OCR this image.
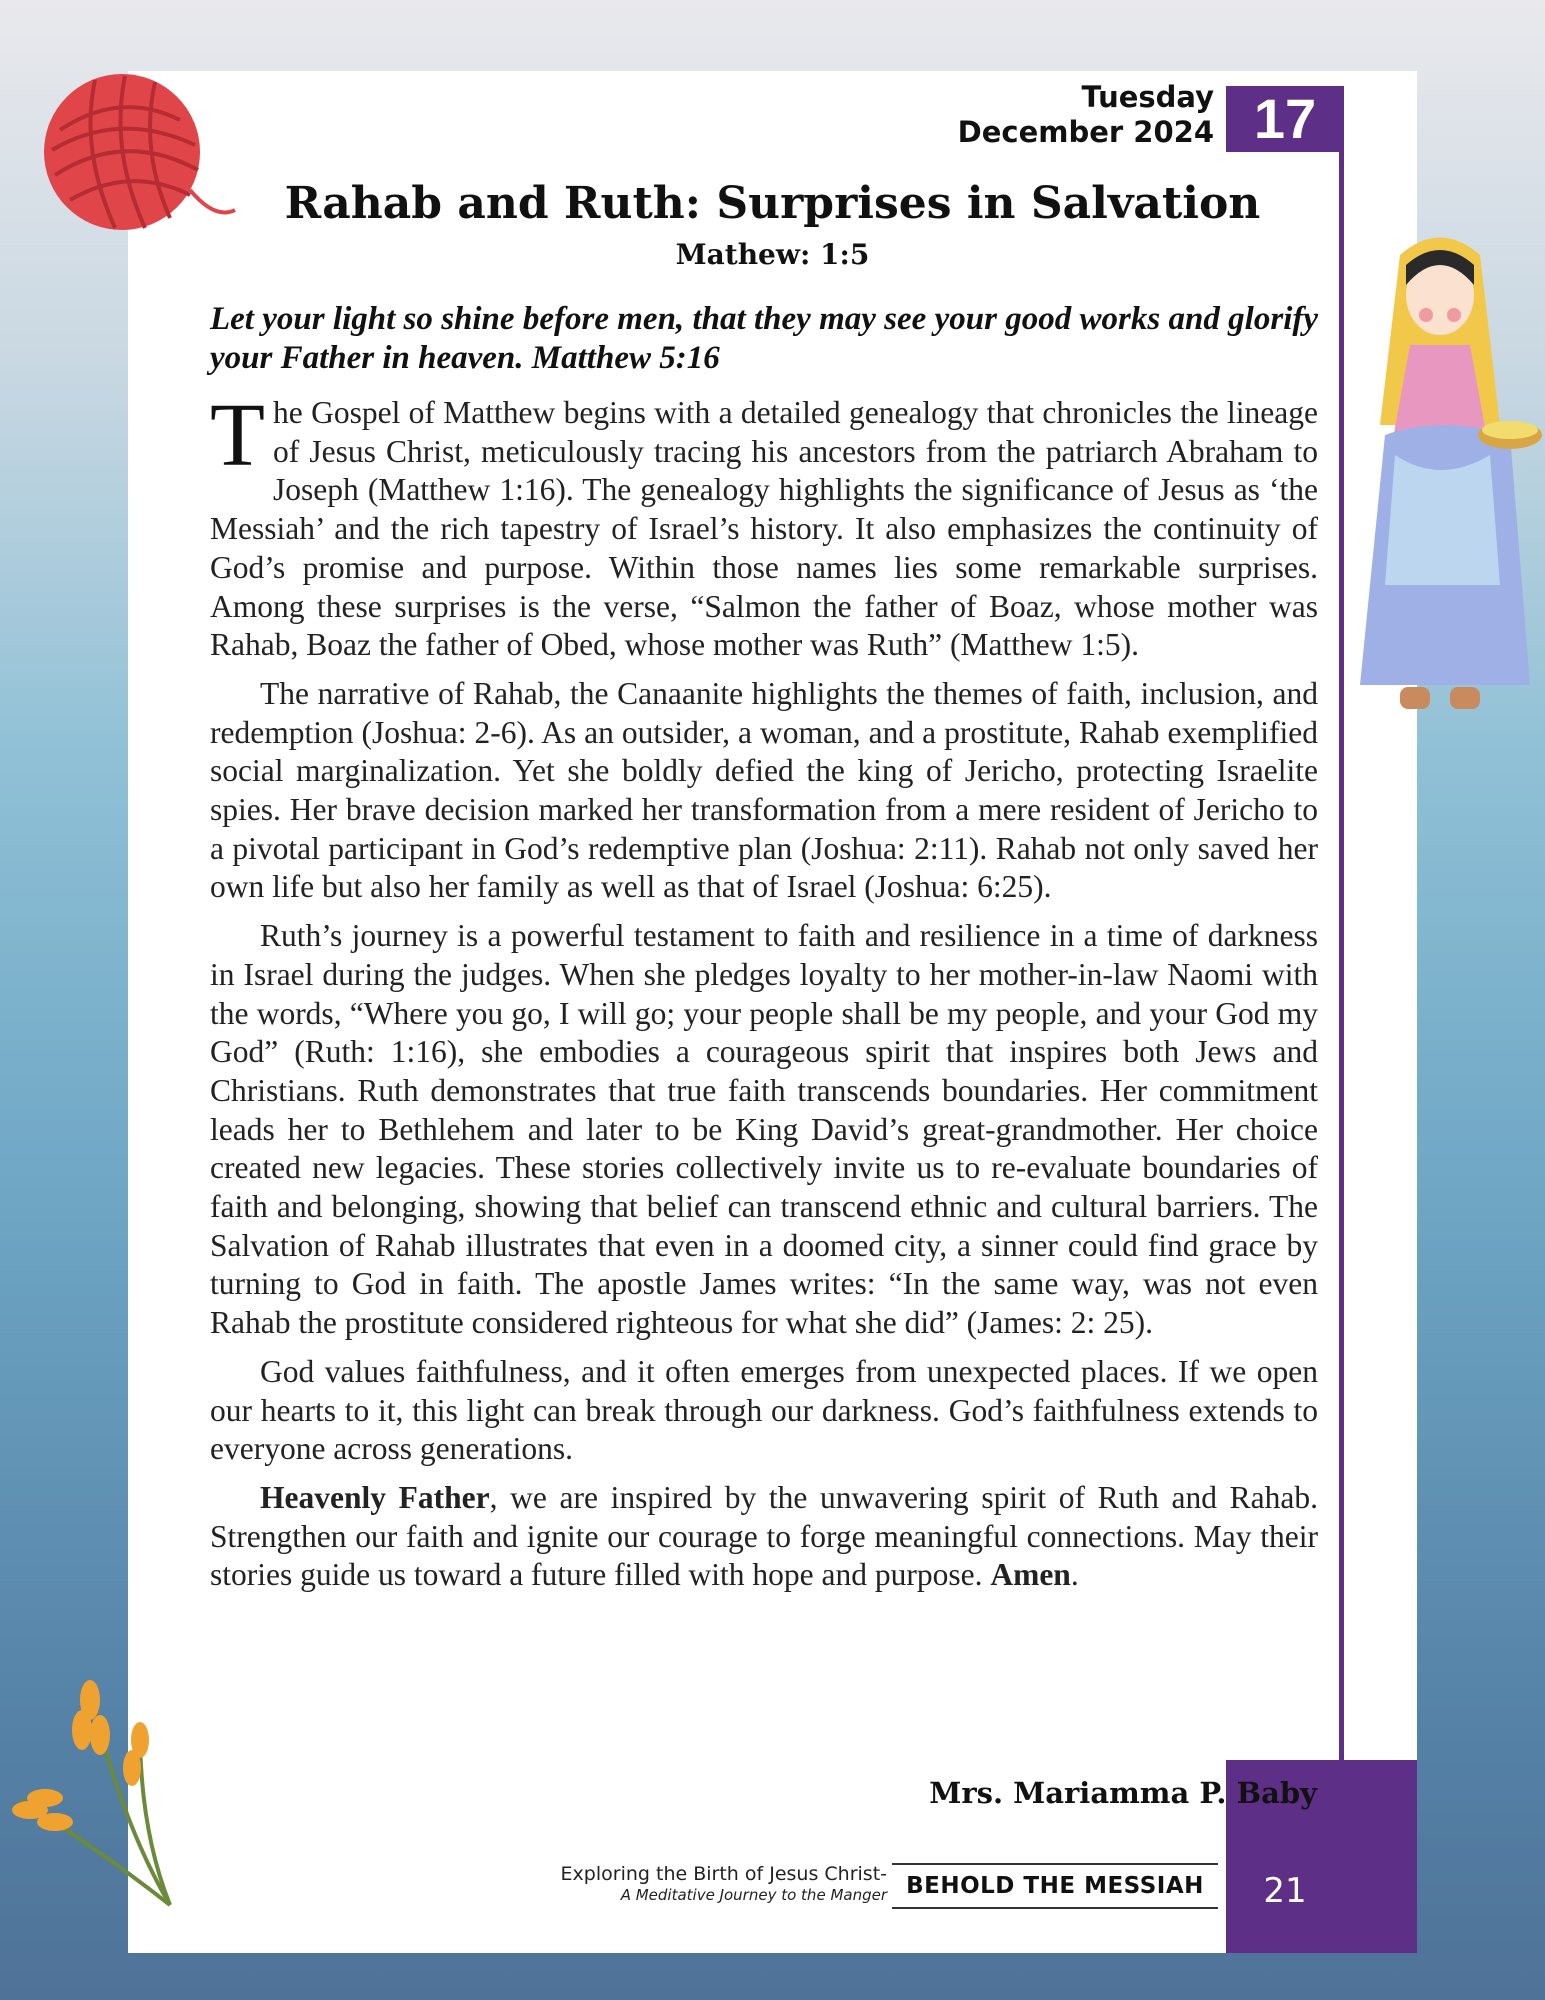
Tuesday
December 2024 17
Rahab and Ruth: Surprises in Salvation
Mathew: 1:5
Let your light so shine before men, that they may see your good works and glorify your Father in heaven. Matthew 5:16

The Gospel of Matthew begins with a detailed genealogy that chronicles the lineage of Jesus Christ, meticulously tracing his ancestors from the patriarch Abraham to Joseph (Matthew 1:16). The genealogy highlights the significance of Jesus as ‘the Messiah’ and the rich tapestry of Israel’s history. It also emphasizes the continuity of God’s promise and purpose. Within those names lies some remarkable surprises. Among these surprises is the verse, “Salmon the father of Boaz, whose mother was Rahab, Boaz the father of Obed, whose mother was Ruth” (Matthew 1:5).

The narrative of Rahab, the Canaanite highlights the themes of faith, inclusion, and redemption (Joshua: 2-6). As an outsider, a woman, and a prostitute, Rahab exemplified social marginalization. Yet she boldly defied the king of Jericho, protecting Israelite spies. Her brave decision marked her transformation from a mere resident of Jericho to a pivotal participant in God’s redemptive plan (Joshua: 2:11). Rahab not only saved her own life but also her family as well as that of Israel (Joshua: 6:25).

Ruth’s journey is a powerful testament to faith and resilience in a time of darkness in Israel during the judges. When she pledges loyalty to her mother-in-law Naomi with the words, “Where you go, I will go; your people shall be my people, and your God my God” (Ruth: 1:16), she embodies a courageous spirit that inspires both Jews and Christians. Ruth demonstrates that true faith transcends boundaries. Her commitment leads her to Bethlehem and later to be King David’s great-grandmother. Her choice created new legacies. These stories collectively invite us to re-evaluate boundaries of faith and belonging, showing that belief can transcend ethnic and cultural barriers. The Salvation of Rahab illustrates that even in a doomed city, a sinner could find grace by turning to God in faith. The apostle James writes: “In the same way, was not even Rahab the prostitute considered righteous for what she did” (James: 2: 25).

God values faithfulness, and it often emerges from unexpected places. If we open our hearts to it, this light can break through our darkness. God’s faithfulness extends to everyone across generations.

Heavenly Father, we are inspired by the unwavering spirit of Ruth and Rahab. Strengthen our faith and ignite our courage to forge meaningful connections. May their stories guide us toward a future filled with hope and purpose. Amen.

Mrs. Mariamma P. Baby
Exploring the Birth of Jesus Christ-
A Meditative Journey to the Manger BEHOLD THE MESSIAH	21
